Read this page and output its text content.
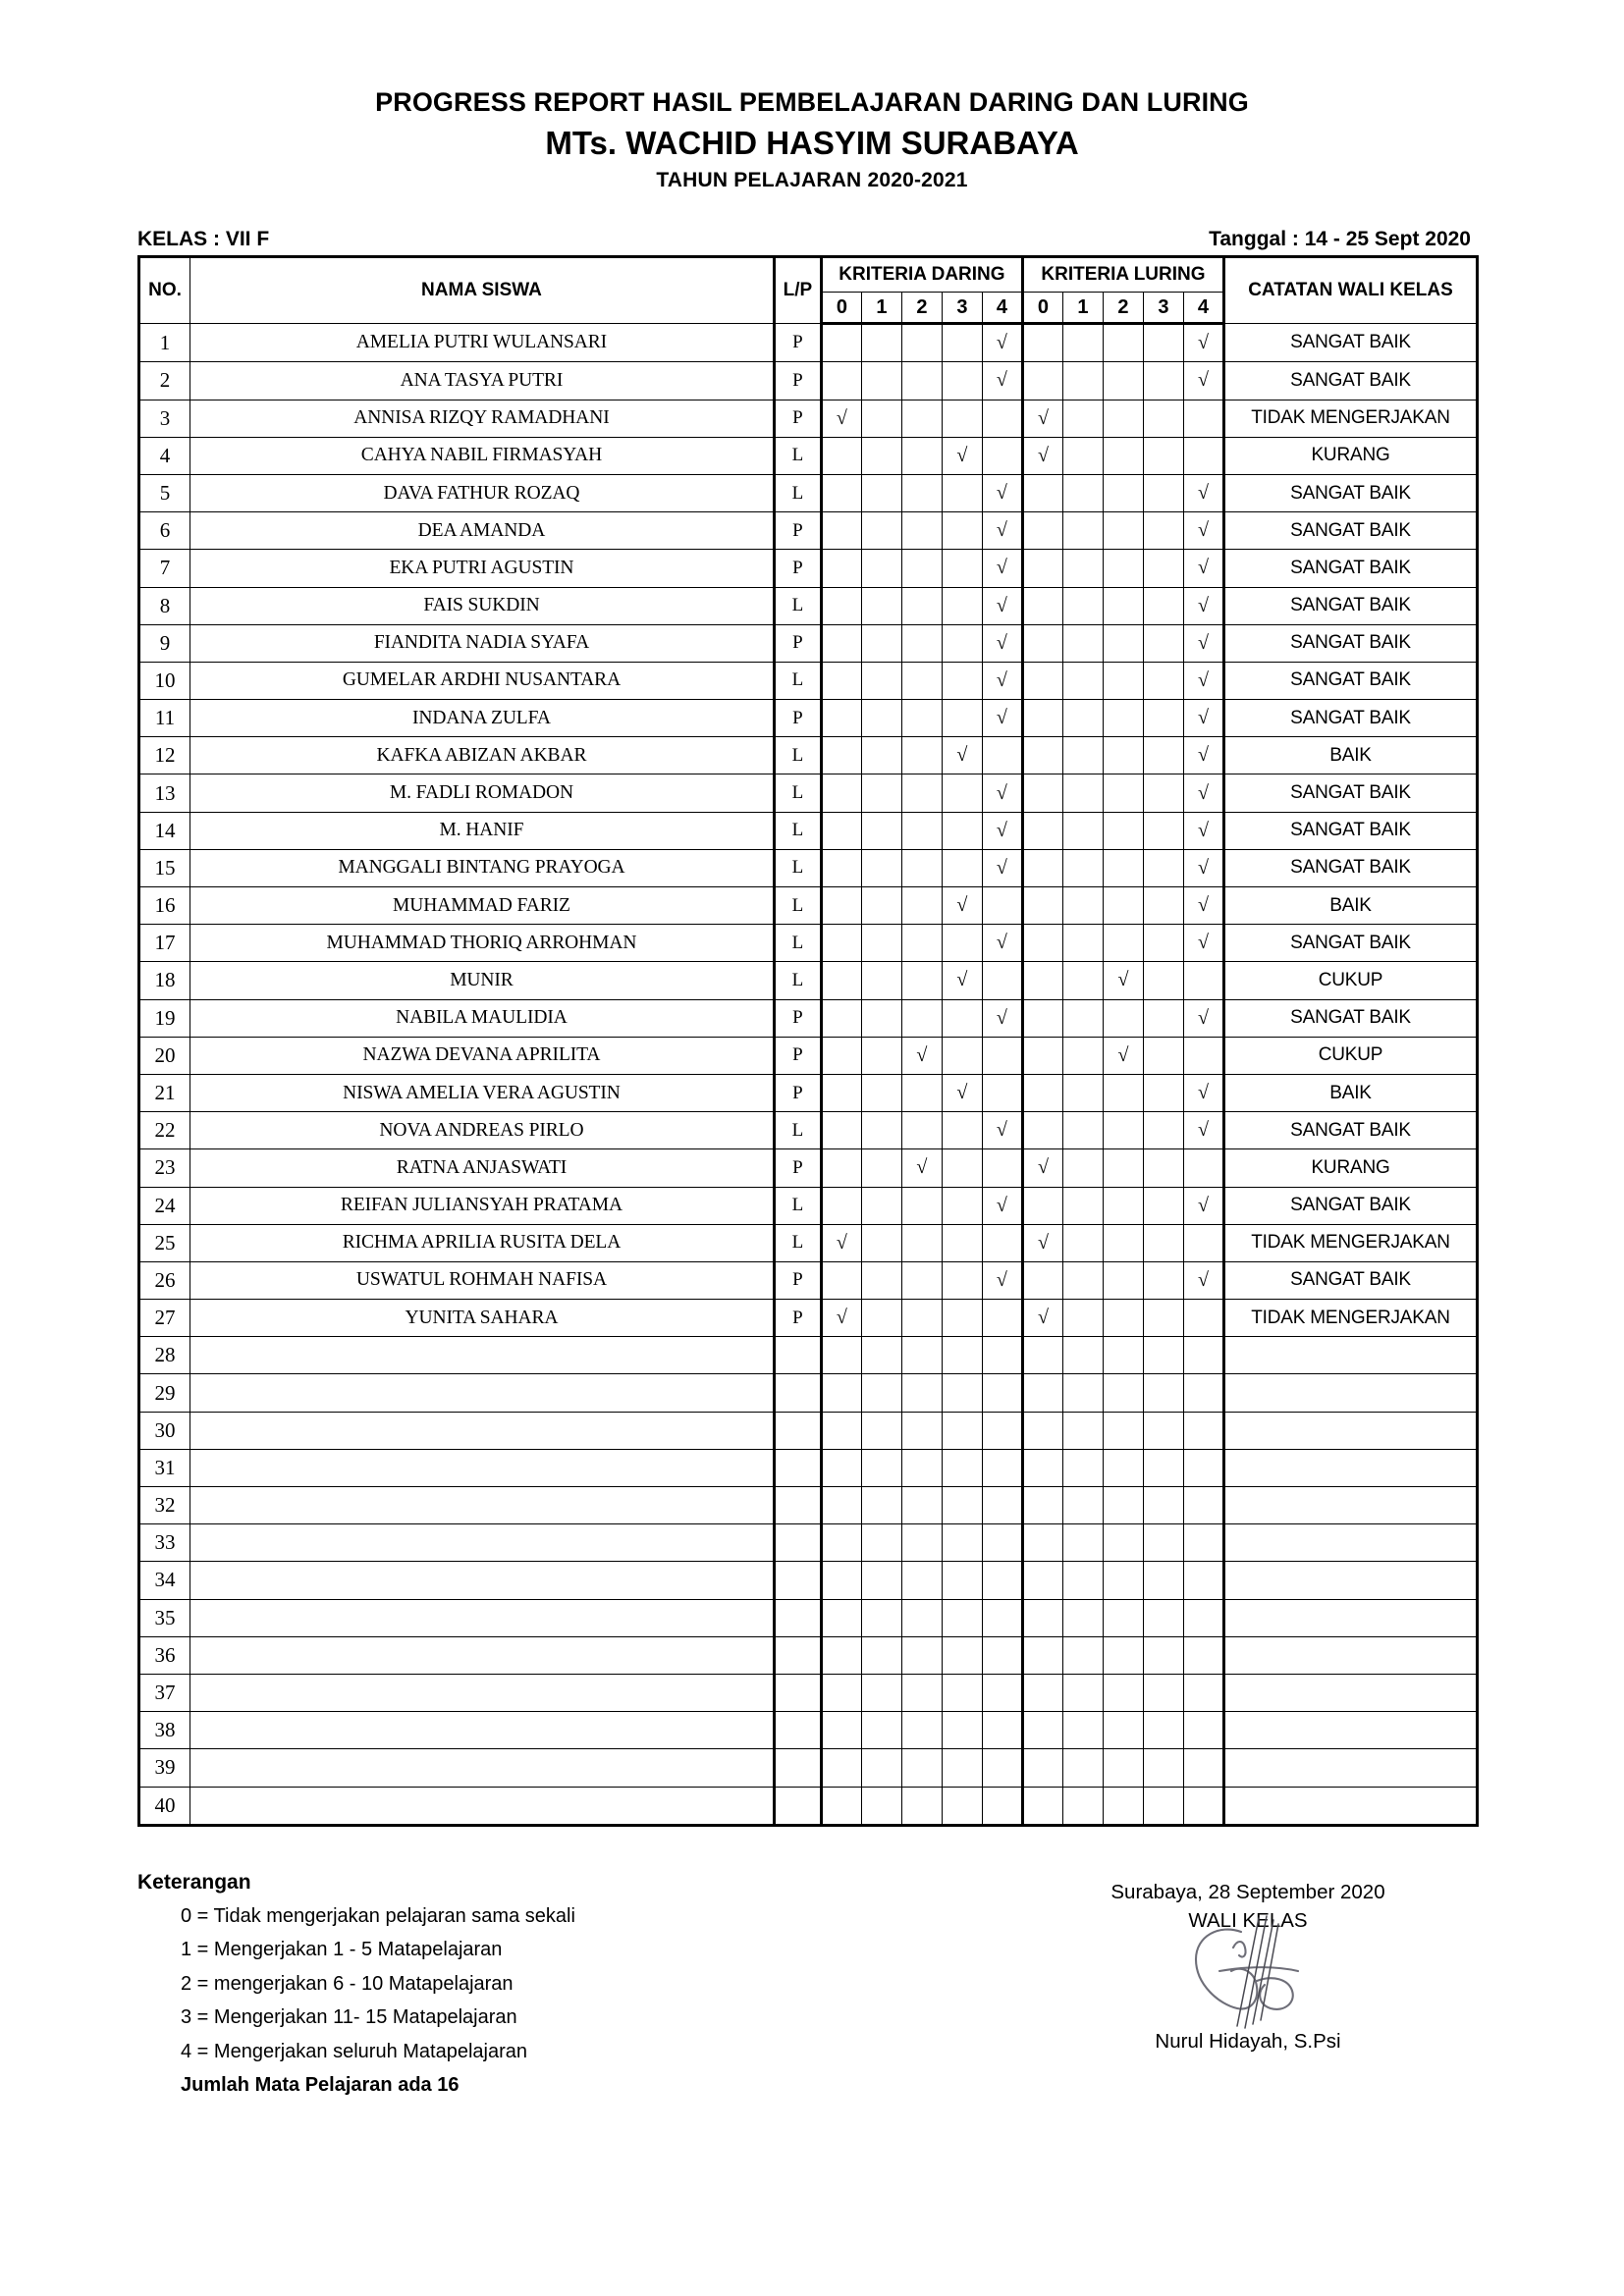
PROGRESS REPORT HASIL PEMBELAJARAN DARING DAN LURING
MTs. WACHID HASYIM SURABAYA
TAHUN PELAJARAN 2020-2021
KELAS : VII F	Tanggal : 14 - 25 Sept 2020
NO.	NAMA SISWA	L/P	KRITERIA DARING					KRITERIA LURING					CATATAN WALI KELAS
			0	1	2	3	4	0	1	2	3	4	
1	AMELIA PUTRI WULANSARI	P					√					√	SANGAT BAIK
2	ANA TASYA PUTRI	P					√					√	SANGAT BAIK
3	ANNISA RIZQY RAMADHANI	P	√					√					TIDAK MENGERJAKAN
4	CAHYA NABIL FIRMASYAH	L				√		√					KURANG
5	DAVA FATHUR ROZAQ	L					√					√	SANGAT BAIK
6	DEA AMANDA	P					√					√	SANGAT BAIK
7	EKA PUTRI AGUSTIN	P					√					√	SANGAT BAIK
8	FAIS SUKDIN	L					√					√	SANGAT BAIK
9	FIANDITA NADIA SYAFA	P					√					√	SANGAT BAIK
10	GUMELAR ARDHI NUSANTARA	L					√					√	SANGAT BAIK
11	INDANA ZULFA	P					√					√	SANGAT BAIK
12	KAFKA ABIZAN AKBAR	L				√						√	BAIK
13	M. FADLI ROMADON	L					√					√	SANGAT BAIK
14	M. HANIF	L					√					√	SANGAT BAIK
15	MANGGALI BINTANG PRAYOGA	L					√					√	SANGAT BAIK
16	MUHAMMAD FARIZ	L				√						√	BAIK
17	MUHAMMAD THORIQ ARROHMAN	L					√					√	SANGAT BAIK
18	MUNIR	L				√				√			CUKUP
19	NABILA MAULIDIA	P					√					√	SANGAT BAIK
20	NAZWA DEVANA APRILITA	P			√					√			CUKUP
21	NISWA AMELIA VERA AGUSTIN	P				√						√	BAIK
22	NOVA ANDREAS PIRLO	L					√					√	SANGAT BAIK
23	RATNA ANJASWATI	P			√			√					KURANG
24	REIFAN JULIANSYAH PRATAMA	L					√					√	SANGAT BAIK
25	RICHMA APRILIA RUSITA DELA	L	√					√					TIDAK MENGERJAKAN
26	USWATUL ROHMAH NAFISA	P					√					√	SANGAT BAIK
27	YUNITA SAHARA	P	√					√					TIDAK MENGERJAKAN
28													
29													
30													
31													
32													
33													
34													
35													
36													
37													
38													
39													
40													
Keterangan
0 = Tidak mengerjakan pelajaran sama sekali
1 = Mengerjakan 1 - 5 Matapelajaran
2 = mengerjakan 6 - 10 Matapelajaran
3 = Mengerjakan 11- 15 Matapelajaran
4 = Mengerjakan seluruh Matapelajaran
Jumlah Mata Pelajaran ada 16
Surabaya, 28 September 2020
WALI KELAS
Nurul Hidayah, S.Psi
